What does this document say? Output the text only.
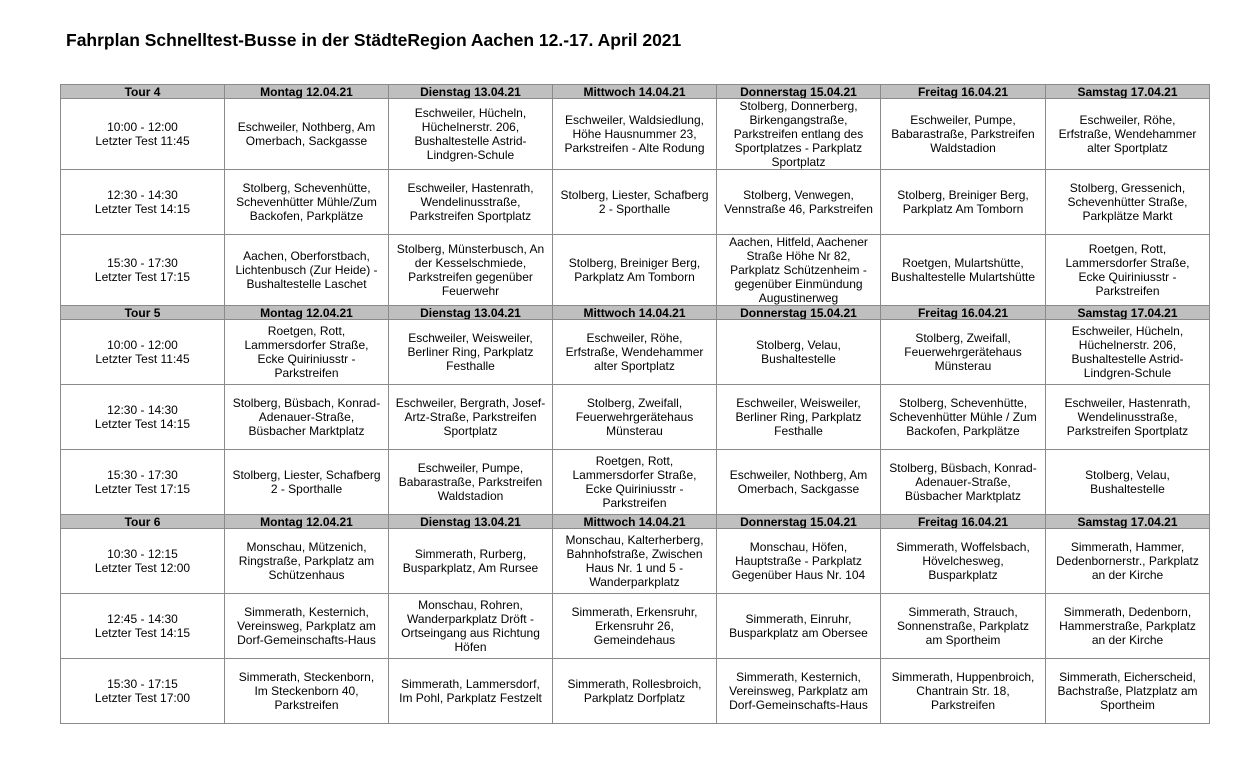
Fahrplan Schnelltest-Busse in der StädteRegion Aachen 12.-17. April 2021
Tour 4	Montag 12.04.21	Dienstag 13.04.21	Mittwoch 14.04.21	Donnerstag 15.04.21	Freitag 16.04.21	Samstag 17.04.21

10:00 - 12:00
Letzter Test 11:45	Eschweiler, Nothberg, Am
Omerbach, Sackgasse	Eschweiler, Hücheln,
Hüchelnerstr. 206,
Bushaltestelle Astrid-
Lindgren-Schule	Eschweiler, Waldsiedlung,
Höhe Hausnummer 23,
Parkstreifen - Alte Rodung	Stolberg, Donnerberg,
Birkengangstraße,
Parkstreifen entlang des
Sportplatzes - Parkplatz
Sportplatz	Eschweiler, Pumpe,
Babarastraße, Parkstreifen
Waldstadion	Eschweiler, Röhe,
Erfstraße, Wendehammer
alter Sportplatz

12:30 - 14:30
Letzter Test 14:15	Stolberg, Schevenhütte,
Schevenhütter Mühle/Zum
Backofen, Parkplätze	Eschweiler, Hastenrath,
Wendelinusstraße,
Parkstreifen Sportplatz	Stolberg, Liester, Schafberg
2 - Sporthalle	Stolberg, Venwegen,
Vennstraße 46, Parkstreifen	Stolberg, Breiniger Berg,
Parkplatz Am Tomborn	Stolberg, Gressenich,
Schevenhütter Straße,
Parkplätze Markt

15:30 - 17:30
Letzter Test 17:15	Aachen, Oberforstbach,
Lichtenbusch (Zur Heide) -
Bushaltestelle Laschet	Stolberg, Münsterbusch, An
der Kesselschmiede,
Parkstreifen gegenüber
Feuerwehr	Stolberg, Breiniger Berg,
Parkplatz Am Tomborn	Aachen, Hitfeld, Aachener
Straße Höhe Nr 82,
Parkplatz Schützenheim -
gegenüber Einmündung
Augustinerweg	Roetgen, Mulartshütte,
Bushaltestelle Mulartshütte	Roetgen, Rott,
Lammersdorfer Straße,
Ecke Quiriniusstr -
Parkstreifen

Tour 5	Montag 12.04.21	Dienstag 13.04.21	Mittwoch 14.04.21	Donnerstag 15.04.21	Freitag 16.04.21	Samstag 17.04.21

10:00 - 12:00
Letzter Test 11:45	Roetgen, Rott,
Lammersdorfer Straße,
Ecke Quiriniusstr -
Parkstreifen	Eschweiler, Weisweiler,
Berliner Ring, Parkplatz
Festhalle	Eschweiler, Röhe,
Erfstraße, Wendehammer
alter Sportplatz	Stolberg, Velau,
Bushaltestelle	Stolberg, Zweifall,
Feuerwehrgerätehaus
Münsterau	Eschweiler, Hücheln,
Hüchelnerstr. 206,
Bushaltestelle Astrid-
Lindgren-Schule

12:30 - 14:30
Letzter Test 14:15	Stolberg, Büsbach, Konrad-
Adenauer-Straße,
Büsbacher Marktplatz	Eschweiler, Bergrath, Josef-
Artz-Straße, Parkstreifen
Sportplatz	Stolberg, Zweifall,
Feuerwehrgerätehaus
Münsterau	Eschweiler, Weisweiler,
Berliner Ring, Parkplatz
Festhalle	Stolberg, Schevenhütte,
Schevenhütter Mühle / Zum
Backofen, Parkplätze	Eschweiler, Hastenrath,
Wendelinusstraße,
Parkstreifen Sportplatz

15:30 - 17:30
Letzter Test 17:15	Stolberg, Liester, Schafberg
2 - Sporthalle	Eschweiler, Pumpe,
Babarastraße, Parkstreifen
Waldstadion	Roetgen, Rott,
Lammersdorfer Straße,
Ecke Quiriniusstr -
Parkstreifen	Eschweiler, Nothberg, Am
Omerbach, Sackgasse	Stolberg, Büsbach, Konrad-
Adenauer-Straße,
Büsbacher Marktplatz	Stolberg, Velau,
Bushaltestelle

Tour 6	Montag 12.04.21	Dienstag 13.04.21	Mittwoch 14.04.21	Donnerstag 15.04.21	Freitag 16.04.21	Samstag 17.04.21

10:30 - 12:15
Letzter Test 12:00	Monschau, Mützenich,
Ringstraße, Parkplatz am
Schützenhaus	Simmerath, Rurberg,
Busparkplatz, Am Rursee	Monschau, Kalterherberg,
Bahnhofstraße, Zwischen
Haus Nr. 1 und 5 -
Wanderparkplatz	Monschau, Höfen,
Hauptstraße - Parkplatz
Gegenüber Haus Nr. 104	Simmerath, Woffelsbach,
Hövelchesweg,
Busparkplatz	Simmerath, Hammer,
Dedenbornerstr., Parkplatz
an der Kirche

12:45 - 14:30
Letzter Test 14:15	Simmerath, Kesternich,
Vereinsweg, Parkplatz am
Dorf-Gemeinschafts-Haus	Monschau, Rohren,
Wanderparkplatz Dröft -
Ortseingang aus Richtung
Höfen	Simmerath, Erkensruhr,
Erkensruhr 26,
Gemeindehaus	Simmerath, Einruhr,
Busparkplatz am Obersee	Simmerath, Strauch,
Sonnenstraße, Parkplatz
am Sportheim	Simmerath, Dedenborn,
Hammerstraße, Parkplatz
an der Kirche

15:30 - 17:15
Letzter Test 17:00	Simmerath, Steckenborn,
Im Steckenborn 40,
Parkstreifen	Simmerath, Lammersdorf,
Im Pohl, Parkplatz Festzelt	Simmerath, Rollesbroich,
Parkplatz Dorfplatz	Simmerath, Kesternich,
Vereinsweg, Parkplatz am
Dorf-Gemeinschafts-Haus	Simmerath, Huppenbroich,
Chantrain Str. 18,
Parkstreifen	Simmerath, Eicherscheid,
Bachstraße, Platzplatz am
Sportheim
